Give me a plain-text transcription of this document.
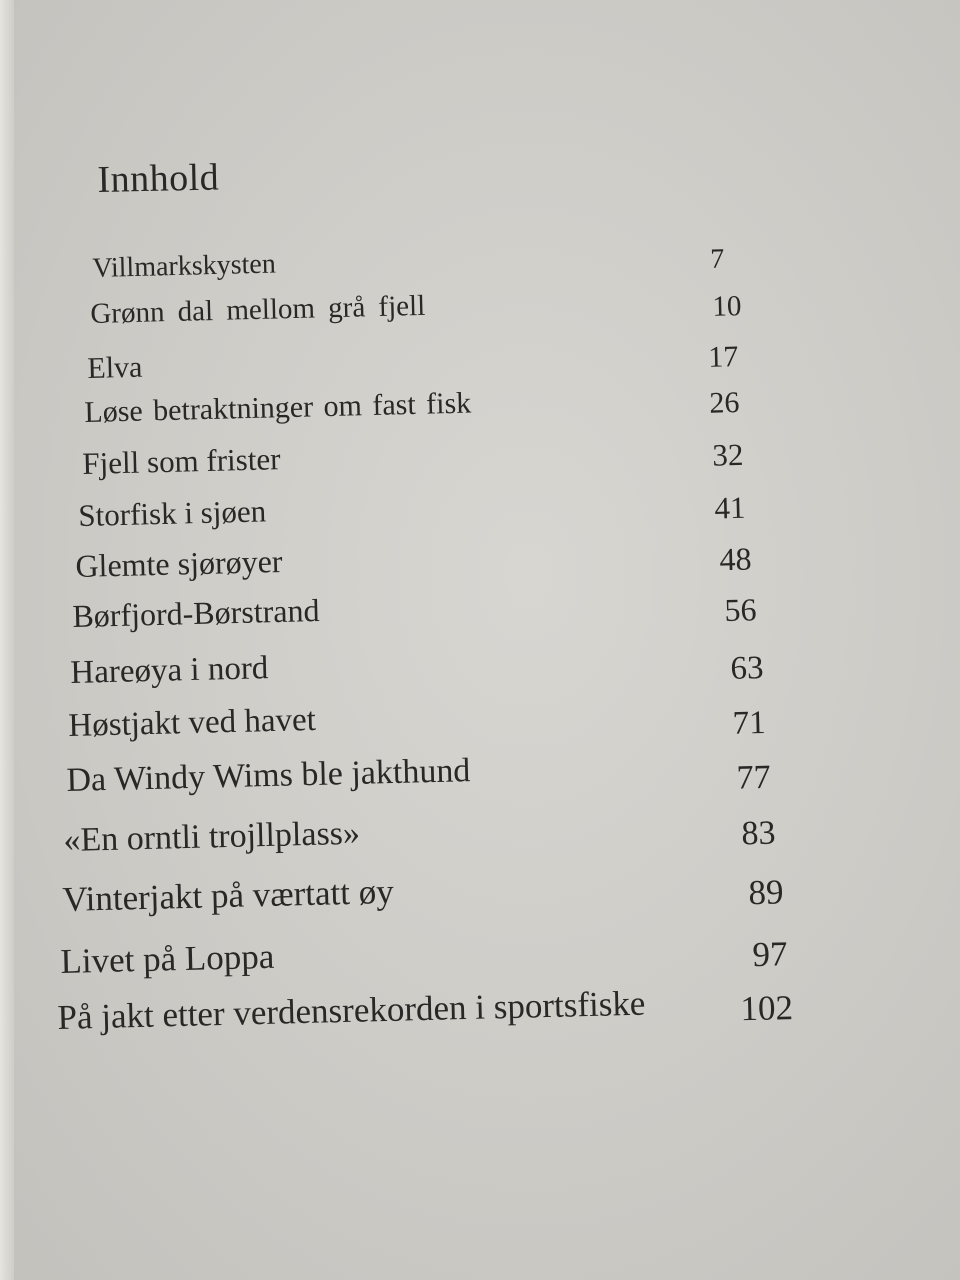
Innhold
Villmarkskysten	7
Grønn dal mellom grå fjell	10
Elva	17
Løse betraktninger om fast fisk	26
Fjell som frister	32
Storfisk i sjøen	41
Glemte sjørøyer	48
Børfjord-Børstrand	56
Hareøya i nord	63
Høstjakt ved havet	71
Da Windy Wims ble jakthund	77
«En orntli trojllplass»	83
Vinterjakt på værtatt øy	89
Livet på Loppa	97
På jakt etter verdensrekorden i sportsfiske	102
